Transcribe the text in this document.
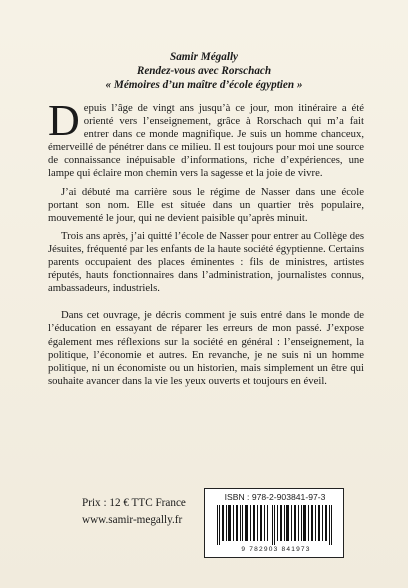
Samir Mégally
Rendez-vous avec Rorschach
« Mémoires d’un maître d’école égyptien »

Depuis l’âge de vingt ans jusqu’à ce jour, mon itinéraire a été orienté vers l’enseignement, grâce à Rorschach qui m’a fait entrer dans ce monde magnifique. Je suis un homme chanceux, émerveillé de pénétrer dans ce milieu. Il est toujours pour moi une source de connaissance inépuisable d’informations, riche d’expériences, une lampe qui éclaire mon chemin vers la sagesse et la joie de vivre.

J’ai débuté ma carrière sous le régime de Nasser dans une école portant son nom. Elle est située dans un quartier très populaire, mouvementé le jour, qui ne devient paisible qu’après minuit.

Trois ans après, j’ai quitté l’école de Nasser pour entrer au Collège des Jésuites, fréquenté par les enfants de la haute société égyptienne. Certains parents occupaient des places éminentes : fils de ministres, artistes réputés, hauts fonctionnaires dans l’administration, journalistes connus, ambassadeurs, industriels.

Dans cet ouvrage, je décris comment je suis entré dans le monde de l’éducation en essayant de réparer les erreurs de mon passé. J’expose également mes réflexions sur la société en général : l’enseignement, la politique, l’économie et autres. En revanche, je ne suis ni un homme politique, ni un économiste ou un historien, mais simplement un être qui souhaite avancer dans la vie les yeux ouverts et toujours en éveil.

Prix : 12 € TTC France
www.samir-megally.fr
ISBN : 978-2-903841-97-3
9 782903 841973
